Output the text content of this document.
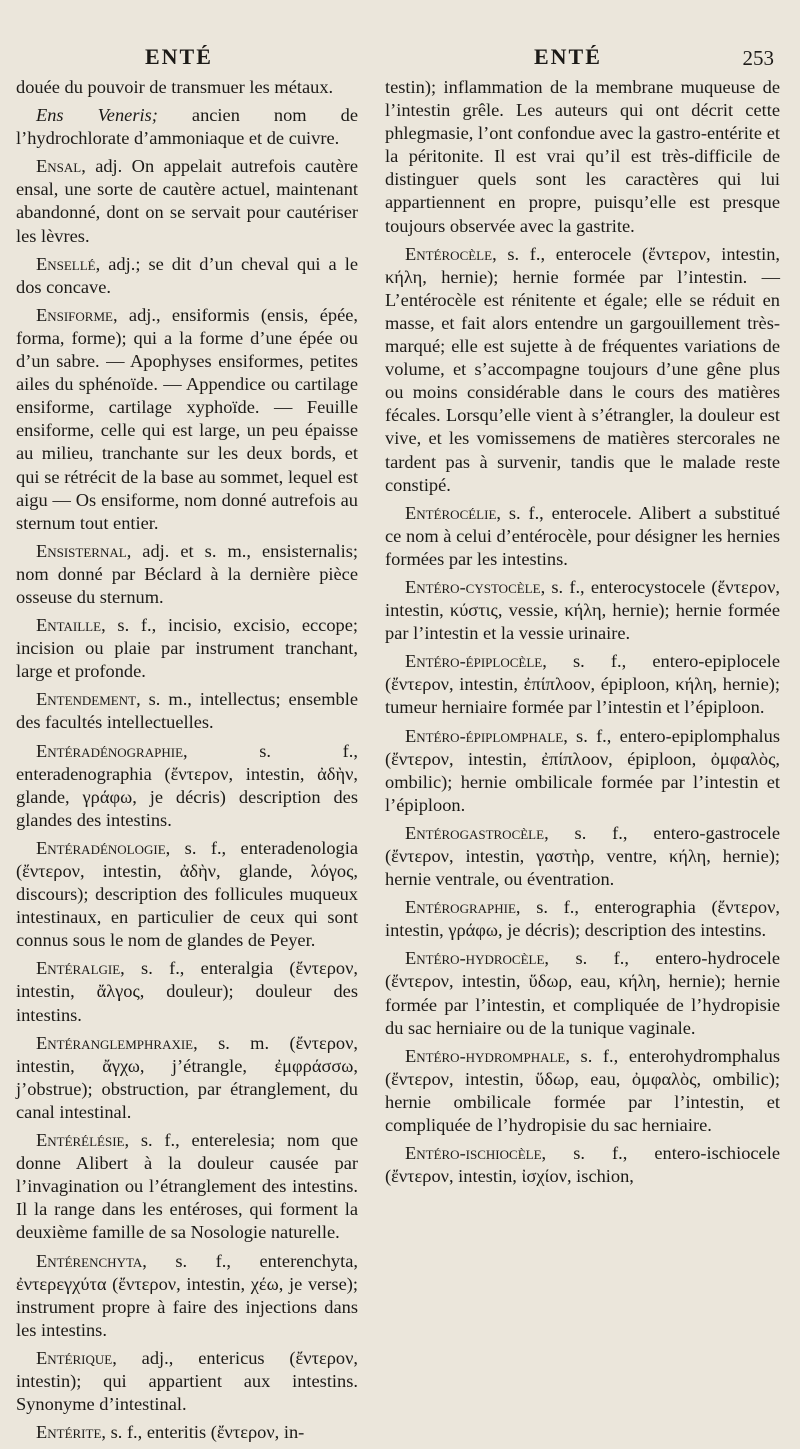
ENTÉ	ENTÉ	253

douée du pouvoir de transmuer les métaux.

Ens Veneris; ancien nom de l’hydrochlorate d’ammoniaque et de cuivre.

Ensal, adj. On appelait autrefois cautère ensal, une sorte de cautère actuel, maintenant abandonné, dont on se servait pour cautériser les lèvres.

Ensellé, adj.; se dit d’un cheval qui a le dos concave.

Ensiforme, adj., ensiformis (ensis, épée, forma, forme); qui a la forme d’une épée ou d’un sabre. — Apophyses ensiformes, petites ailes du sphénoïde. — Appendice ou cartilage ensiforme, cartilage xyphoïde. — Feuille ensiforme, celle qui est large, un peu épaisse au milieu, tranchante sur les deux bords, et qui se rétrécit de la base au sommet, lequel est aigu — Os ensiforme, nom donné autrefois au sternum tout entier.

Ensisternal, adj. et s. m., ensisternalis; nom donné par Béclard à la dernière pièce osseuse du sternum.

Entaille, s. f., incisio, excisio, eccope; incision ou plaie par instrument tranchant, large et profonde.

Entendement, s. m., intellectus; ensemble des facultés intellectuelles.

Entéradénographie, s. f., enteradenographia (ἔντερον, intestin, ἀδὴν, glande, γράφω, je décris) description des glandes des intestins.

Entéradénologie, s. f., enteradenologia (ἔντερον, intestin, ἀδὴν, glande, λόγος, discours); description des follicules muqueux intestinaux, en particulier de ceux qui sont connus sous le nom de glandes de Peyer.

Entéralgie, s. f., enteralgia (ἔντερον, intestin, ἄλγος, douleur); douleur des intestins.

Entéranglemphraxie, s. m. (ἔντερον, intestin, ἄγχω, j’étrangle, ἐμφράσσω, j’obstrue); obstruction, par étranglement, du canal intestinal.

Entérélésie, s. f., enterelesia; nom que donne Alibert à la douleur causée par l’invagination ou l’étranglement des intestins. Il la range dans les entéroses, qui forment la deuxième famille de sa Nosologie naturelle.

Entérenchyta, s. f., enterenchyta, ἐντερεγχύτα (ἔντερον, intestin, χέω, je verse); instrument propre à faire des injections dans les intestins.

Entérique, adj., entericus (ἔντερον, intestin); qui appartient aux intestins. Synonyme d’intestinal.

Entérite, s. f., enteritis (ἔντερον, in-

testin); inflammation de la membrane muqueuse de l’intestin grêle. Les auteurs qui ont décrit cette phlegmasie, l’ont confondue avec la gastro-entérite et la péritonite. Il est vrai qu’il est très-difficile de distinguer quels sont les caractères qui lui appartiennent en propre, puisqu’elle est presque toujours observée avec la gastrite.

Entérocèle, s. f., enterocele (ἔντερον, intestin, κήλη, hernie); hernie formée par l’intestin. — L’entérocèle est rénitente et égale; elle se réduit en masse, et fait alors entendre un gargouillement très-marqué; elle est sujette à de fréquentes variations de volume, et s’accompagne toujours d’une gêne plus ou moins considérable dans le cours des matières fécales. Lorsqu’elle vient à s’étrangler, la douleur est vive, et les vomissemens de matières stercorales ne tardent pas à survenir, tandis que le malade reste constipé.

Entérocélie, s. f., enterocele. Alibert a substitué ce nom à celui d’entérocèle, pour désigner les hernies formées par les intestins.

Entéro-cystocèle, s. f., enterocystocele (ἔντερον, intestin, κύστις, vessie, κήλη, hernie); hernie formée par l’intestin et la vessie urinaire.

Entéro-épiplocèle, s. f., entero-epiplocele (ἔντερον, intestin, ἐπίπλοον, épiploon, κήλη, hernie); tumeur herniaire formée par l’intestin et l’épiploon.

Entéro-épiplomphale, s. f., entero-epiplomphalus (ἔντερον, intestin, ἐπίπλοον, épiploon, ὀμφαλὸς, ombilic); hernie ombilicale formée par l’intestin et l’épiploon.

Entérogastrocèle, s. f., entero-gastrocele (ἔντερον, intestin, γαστὴρ, ventre, κήλη, hernie); hernie ventrale, ou éventration.

Entérographie, s. f., enterographia (ἔντερον, intestin, γράφω, je décris); description des intestins.

Entéro-hydrocèle, s. f., entero-hydrocele (ἔντερον, intestin, ὕδωρ, eau, κήλη, hernie); hernie formée par l’intestin, et compliquée de l’hydropisie du sac herniaire ou de la tunique vaginale.

Entéro-hydromphale, s. f., enterohydromphalus (ἔντερον, intestin, ὕδωρ, eau, ὀμφαλὸς, ombilic); hernie ombilicale formée par l’intestin, et compliquée de l’hydropisie du sac herniaire.

Entéro-ischiocèle, s. f., entero-ischiocele (ἔντερον, intestin, ἰσχίον, ischion,
